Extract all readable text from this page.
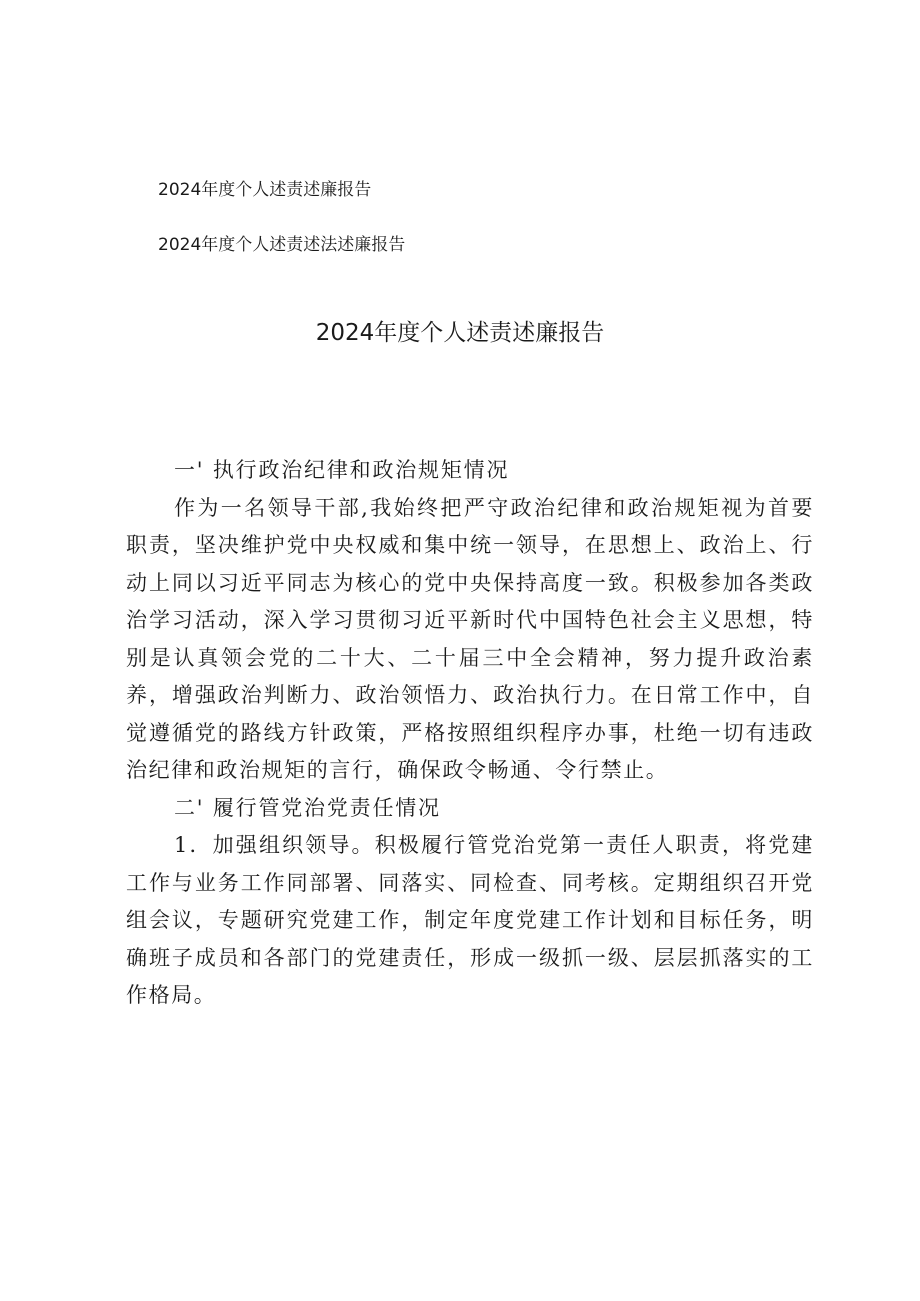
2024年度个人述责述廉报告
2024年度个人述责述法述廉报告
2024年度个人述责述廉报告

一' 执行政治纪律和政治规矩情况

作为一名领导干部,我始终把严守政治纪律和政治规矩视为首要职责，坚决维护党中央权威和集中统一领导，在思想上、政治上、行动上同以习近平同志为核心的党中央保持高度一致。积极参加各类政治学习活动，深入学习贯彻习近平新时代中国特色社会主义思想，特别是认真领会党的二十大、二十届三中全会精神，努力提升政治素养，增强政治判断力、政治领悟力、政治执行力。在日常工作中，自觉遵循党的路线方针政策，严格按照组织程序办事，杜绝一切有违政治纪律和政治规矩的言行，确保政令畅通、令行禁止。

二' 履行管党治党责任情况

1．加强组织领导。积极履行管党治党第一责任人职责，将党建工作与业务工作同部署、同落实、同检查、同考核。定期组织召开党组会议，专题研究党建工作，制定年度党建工作计划和目标任务，明确班子成员和各部门的党建责任，形成一级抓一级、层层抓落实的工作格局。
